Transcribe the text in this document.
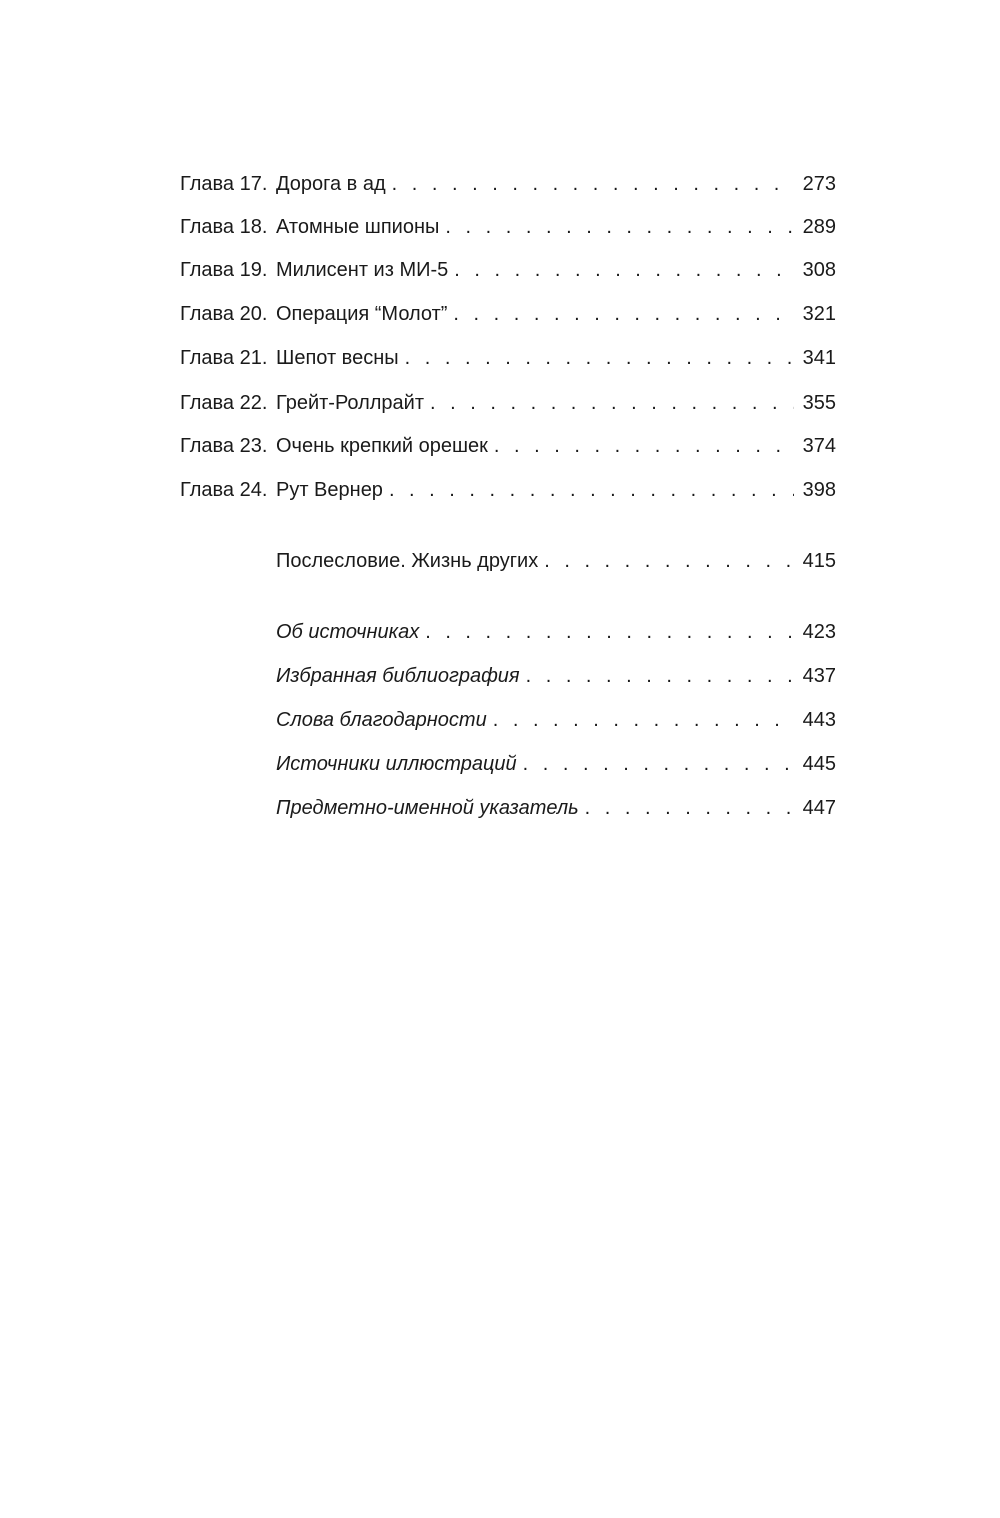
Глава 17. Дорога в ад . . .	273
Глава 18. Атомные шпионы . . .	289
Глава 19. Милисент из МИ-5 . . .	308
Глава 20. Операция “Молот” . . .	321
Глава 21. Шепот весны . . .	341
Глава 22. Грейт-Роллрайт . . .	355
Глава 23. Очень крепкий орешек . . .	374
Глава 24. Рут Вернер . . .	398
Послесловие. Жизнь других . . .	415
Об источниках . . .	423
Избранная библиография . . .	437
Слова благодарности . . .	443
Источники иллюстраций . . .	445
Предметно-именной указатель . . .	447
